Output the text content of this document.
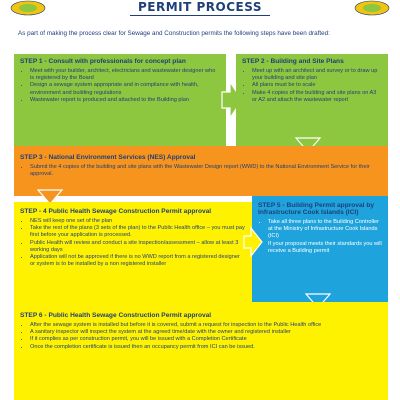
PERMIT PROCESS
As part of making the process clear for Sewage and Construction permits the following steps have been drafted:
STEP 1 - Consult with professionals for concept plan
• Meet with your builder, architect, electricians and wastewater designer who is registered by the Board
• Design a sewage system appropriate and in compliance with health, environment and building regulations
• Wastewater report is produced and attached to the Building plan
STEP 2 - Building and Site Plans
• Meet up with an architect and survey or to draw up your building and site plan
• All plans must be to scale
• Make 4 copies of the building and site plans on A3 or A2 and attach the wastewater report
STEP 3 - National Environment Services (NES) Approval
• Submit the 4 copies of the building and site plans with the Wastewater Design report (WWD) to the National Environment Service for their approval.
STEP - 4 Public Health Sewage Construction Permit approval
• NES will keep one set of the plan
• Take the rest of the plans (3 sets of the plan) to the Public Health office – you must pay first before your application is processed.
• Public Health will review and conduct a site inspection/assessment – allow at least 3 working days
• Application will not be approved if there is no WWD report from a registered designer or system is to be installed by a non registered installer
STEP 5 - Building Permit approval by Infrastructure Cook Islands (ICI)
• Take all three plans to the Building Controller at the Ministry of Infrastructure Cook Islands (ICI)
• If your proposal meets their standards you will receive a Building permit
STEP 6 - Public Health Sewage Construction Permit approval
• After the sewage system is installed but before it is covered, submit a request for inspection to the Public Health office
• A sanitary inspector will inspect the system at the agreed time/date with the owner and registered installer
• If it complies as per construction permit, you will be issued with a Completion Certificate
• Once the completion certificate is issued then an occupancy permit from ICI can be issued.
